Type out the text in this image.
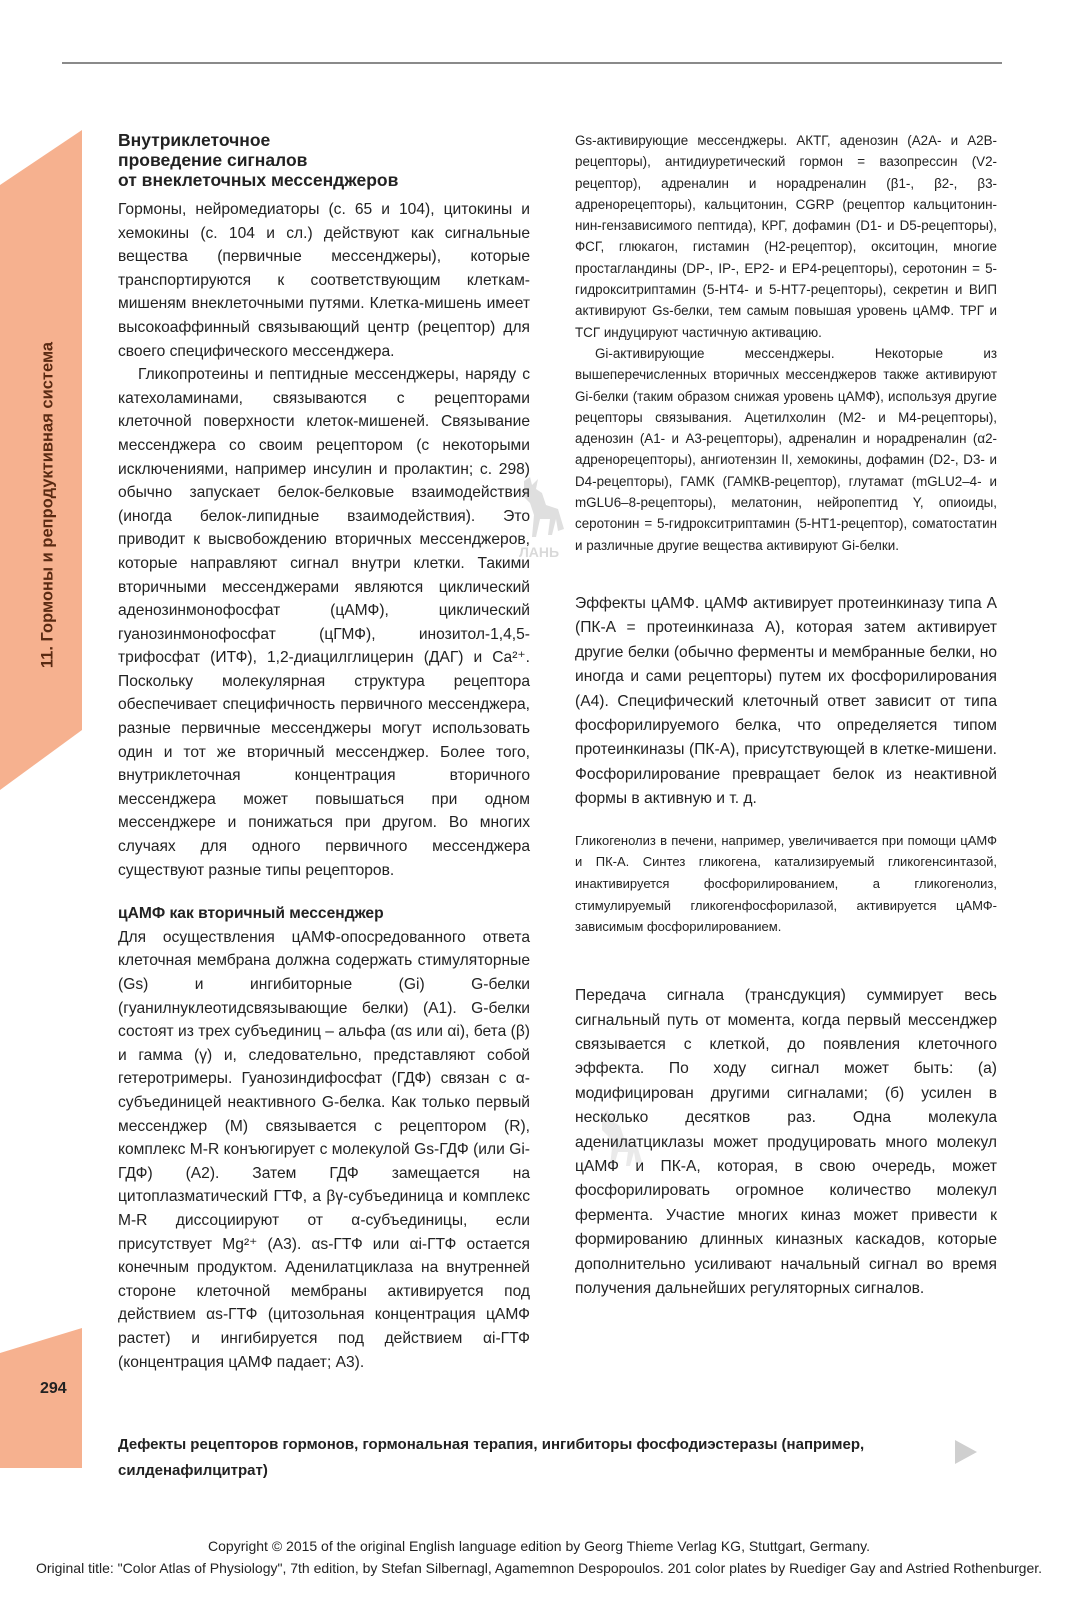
11. Гормоны и репродуктивная система
294
ЛАНЬ
Внутриклеточное
проведение сигналов
от внеклеточных мессенджеров

Гормоны, нейромедиаторы (с. 65 и 104), цитокины и хемокины (с. 104 и сл.) действуют как сигнальные вещества (первичные мессенджеры), которые транспортируются к соответствующим клеткам-мишеням внеклеточными путями. Клетка-мишень имеет высокоаффинный связывающий центр (рецептор) для своего специфического мессенджера.

Гликопротеины и пептидные мессенджеры, наряду с катехоламинами, связываются с рецепторами клеточной поверхности клеток-мишеней. Связывание мессенджера со своим рецептором (с некоторыми исключениями, например инсулин и пролактин; с. 298) обычно запускает белок-белковые взаимодействия (иногда белок-липидные взаимодействия). Это приводит к высвобождению вторичных мессенджеров, которые направляют сигнал внутри клетки. Такими вторичными мессенджерами являются циклический аденозинмонофосфат (цАМФ), циклический гуанозинмонофосфат (цГМФ), инозитол-1,4,5-трифосфат (ИТФ), 1,2-диацилглицерин (ДАГ) и Ca²⁺. Поскольку молекулярная структура рецептора обеспечивает специфичность первичного мессенджера, разные первичные мессенджеры могут использовать один и тот же вторичный мессенджер. Более того, внутриклеточная концентрация вторичного мессенджера может повышаться при одном мессенджере и понижаться при другом. Во многих случаях для одного первичного мессенджера существуют разные типы рецепторов.

цАМФ как вторичный мессенджер

Для осуществления цАМФ-опосредованного ответа клеточная мембрана должна содержать стимуляторные (Gs) и ингибиторные (Gi) G-белки (гуанилнуклеотидсвязывающие белки) (A1). G-белки состоят из трех субъединиц – альфа (αs или αi), бета (β) и гамма (γ) и, следовательно, представляют собой гетеротримеры. Гуанозиндифосфат (ГДФ) связан с α-субъединицей неактивного G-белка. Как только первый мессенджер (М) связывается с рецептором (R), комплекс M-R конъюгирует с молекулой Gs-ГДФ (или Gi-ГДФ) (A2). Затем ГДФ замещается на цитоплазматический ГТФ, а βγ-субъединица и комплекс M-R диссоциируют от α-субъединицы, если присутствует Mg²⁺ (A3). αs-ГТФ или αi-ГТФ остается конечным продуктом. Аденилатциклаза на внутренней стороне клеточной мембраны активируется под действием αs-ГТФ (цитозольная концентрация цАМФ растет) и ингибируется под действием αi-ГТФ (концентрация цАМФ падает; A3).

Gs-активирующие мессенджеры. АКТГ, аденозин (A2A- и A2B-рецепторы), антидиуретический гормон = вазопрессин (V2-рецептор), адреналин и норадреналин (β1-, β2-, β3-адренорецепторы), кальцитонин, CGRP (рецептор кальцитонин-нин-гензависимого пептида), КРГ, дофамин (D1- и D5-рецепторы), ФСГ, глюкагон, гистамин (H2-рецептор), окситоцин, многие простагландины (DP-, IP-, EP2- и EP4-рецепторы), серотонин = 5-гидрокситриптамин (5-HT4- и 5-HT7-рецепторы), секретин и ВИП активируют Gs-белки, тем самым повышая уровень цАМФ. ТРГ и ТСГ индуцируют частичную активацию.

Gi-активирующие мессенджеры. Некоторые из вышеперечисленных вторичных мессенджеров также активируют Gi-белки (таким образом снижая уровень цАМФ), используя другие рецепторы связывания. Ацетилхолин (M2- и M4-рецепторы), аденозин (A1- и A3-рецепторы), адреналин и норадреналин (α2-адренорецепторы), ангиотензин II, хемокины, дофамин (D2-, D3- и D4-рецепторы), ГАМК (ГАМКB-рецептор), глутамат (mGLU2–4- и mGLU6–8-рецепторы), мелатонин, нейропептид Y, опиоиды, серотонин = 5-гидрокситриптамин (5-HT1-рецептор), соматостатин и различные другие вещества активируют Gi-белки.

Эффекты цАМФ. цАМФ активирует протеинкиназу типа A (ПК-A = протеинкиназа A), которая затем активирует другие белки (обычно ферменты и мембранные белки, но иногда и сами рецепторы) путем их фосфорилирования (A4). Специфический клеточный ответ зависит от типа фосфорилируемого белка, что определяется типом протеинкиназы (ПК-A), присутствующей в клетке-мишени. Фосфорилирование превращает белок из неактивной формы в активную и т. д.

Гликогенолиз в печени, например, увеличивается при помощи цАМФ и ПК-A. Синтез гликогена, катализируемый гликогенсинтазой, инактивируется фосфорилированием, а гликогенолиз, стимулируемый гликогенфосфорилазой, активируется цАМФ-зависимым фосфорилированием.

Передача сигнала (трансдукция) суммирует весь сигнальный путь от момента, когда первый мессенджер связывается с клеткой, до появления клеточного эффекта. По ходу сигнал может быть: (а) модифицирован другими сигналами; (б) усилен в несколько десятков раз. Одна молекула аденилатциклазы может продуцировать много молекул цАМФ и ПК-A, которая, в свою очередь, может фосфорилировать огромное количество молекул фермента. Участие многих киназ может привести к формированию длинных киназных каскадов, которые дополнительно усиливают начальный сигнал во время получения дальнейших регуляторных сигналов.

Дефекты рецепторов гормонов, гормональная терапия, ингибиторы фосфодиэстеразы (например, силденафилцитрат)
Copyright © 2015 of the original English language edition by Georg Thieme Verlag KG, Stuttgart, Germany.
Original title: "Color Atlas of Physiology", 7th edition, by Stefan Silbernagl, Agamemnon Despopoulos. 201 color plates by Ruediger Gay and Astried Rothenburger.
